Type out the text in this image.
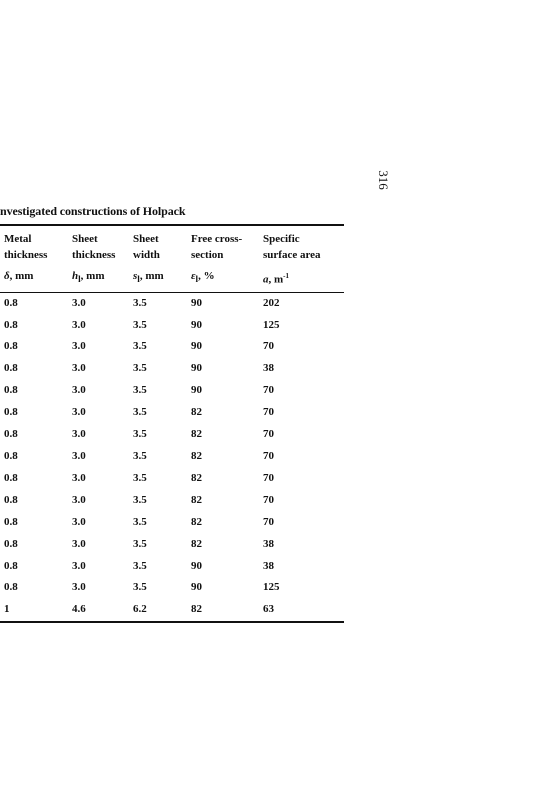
316
nvestigated constructions of Holpack
Metal	Sheet	Sheet	Free cross-	Specific
thickness	thickness	width	section	surface area
δ, mm	$h_l$, mm	$s_l$, mm	$\varepsilon_l$, %	a, $m^{-1}$
0.8	3.0	3.5	90	202
0.8	3.0	3.5	90	125
0.8	3.0	3.5	90	70
0.8	3.0	3.5	90	38
0.8	3.0	3.5	90	70
0.8	3.0	3.5	82	70
0.8	3.0	3.5	82	70
0.8	3.0	3.5	82	70
0.8	3.0	3.5	82	70
0.8	3.0	3.5	82	70
0.8	3.0	3.5	82	70
0.8	3.0	3.5	82	38
0.8	3.0	3.5	90	38
0.8	3.0	3.5	90	125
1	4.6	6.2	82	63
